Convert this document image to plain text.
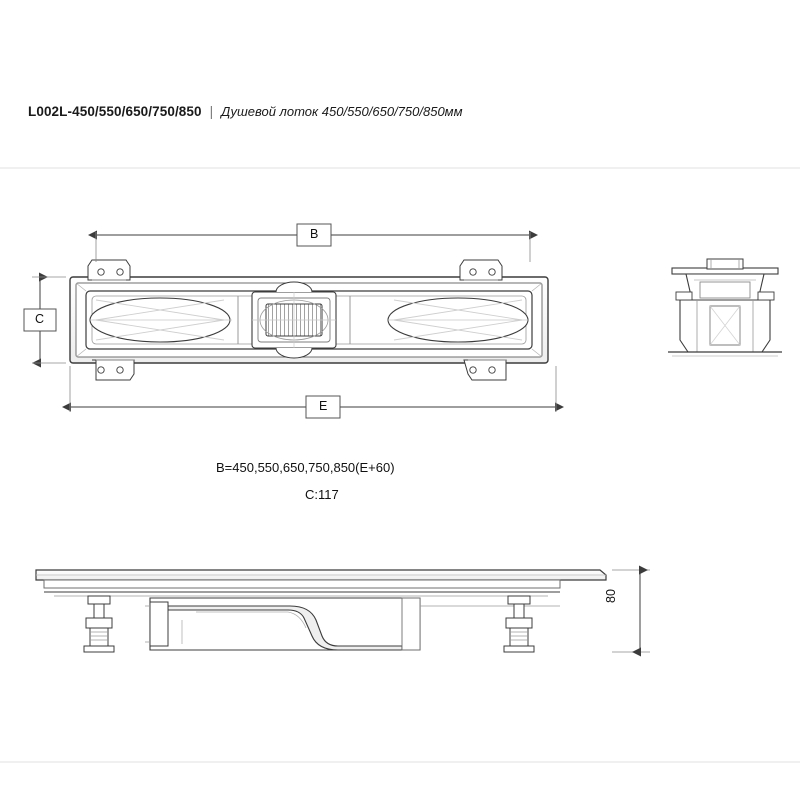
L002L-450/550/650/750/850 | Душевой лоток 450/550/650/750/850мм
B
C
E
80
B=450,550,650,750,850(E+60)
C:117
